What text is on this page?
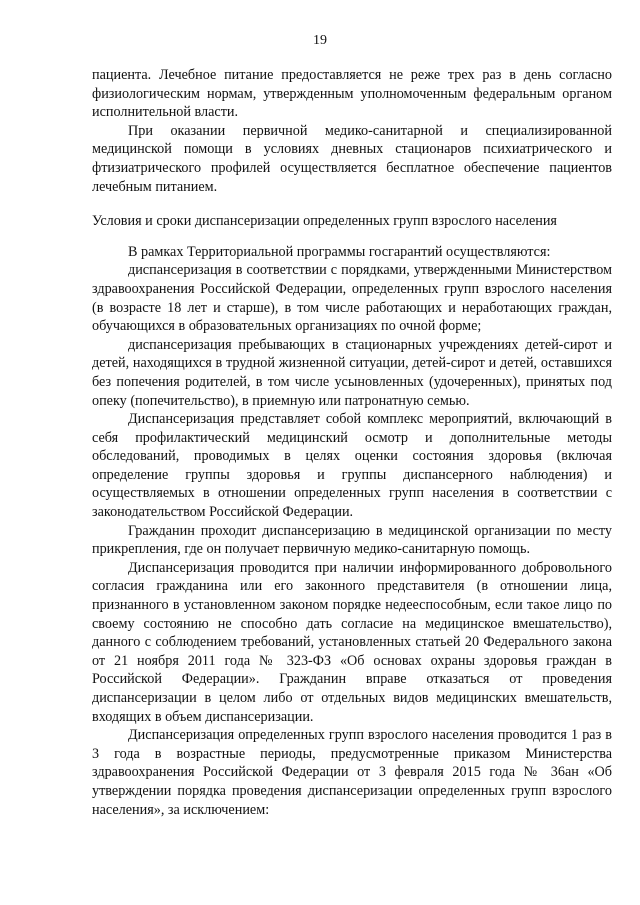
19

пациента. Лечебное питание предоставляется не реже трех раз в день согласно физиологическим нормам, утвержденным уполномоченным федеральным органом исполнительной власти.

При оказании первичной медико-санитарной и специализированной медицинской помощи в условиях дневных стационаров психиатрического и фтизиатрического профилей осуществляется бесплатное обеспечение пациентов лечебным питанием.

Условия и сроки диспансеризации определенных групп взрослого населения

В рамках Территориальной программы госгарантий осуществляются:

диспансеризация в соответствии с порядками, утвержденными Министерством здравоохранения Российской Федерации, определенных групп взрослого населения (в возрасте 18 лет и старше), в том числе работающих и неработающих граждан, обучающихся в образовательных организациях по очной форме;

диспансеризация пребывающих в стационарных учреждениях детей-сирот и детей, находящихся в трудной жизненной ситуации, детей-сирот и детей, оставшихся без попечения родителей, в том числе усыновленных (удочеренных), принятых под опеку (попечительство), в приемную или патронатную семью.

Диспансеризация представляет собой комплекс мероприятий, включающий в себя профилактический медицинский осмотр и дополнительные методы обследований, проводимых в целях оценки состояния здоровья (включая определение группы здоровья и группы диспансерного наблюдения) и осуществляемых в отношении определенных групп населения в соответствии с законодательством Российской Федерации.

Гражданин проходит диспансеризацию в медицинской организации по месту прикрепления, где он получает первичную медико-санитарную помощь.

Диспансеризация проводится при наличии информированного добровольного согласия гражданина или его законного представителя (в отношении лица, признанного в установленном законом порядке недееспособным, если такое лицо по своему состоянию не способно дать согласие на медицинское вмешательство), данного с соблюдением требований, установленных статьей 20 Федерального закона от 21 ноября 2011 года № 323-ФЗ «Об основах охраны здоровья граждан в Российской Федерации». Гражданин вправе отказаться от проведения диспансеризации в целом либо от отдельных видов медицинских вмешательств, входящих в объем диспансеризации.

Диспансеризация определенных групп взрослого населения проводится 1 раз в 3 года в возрастные периоды, предусмотренные приказом Министерства здравоохранения Российской Федерации от 3 февраля 2015 года № 36ан «Об утверждении порядка проведения диспансеризации определенных групп взрослого населения», за исключением:
